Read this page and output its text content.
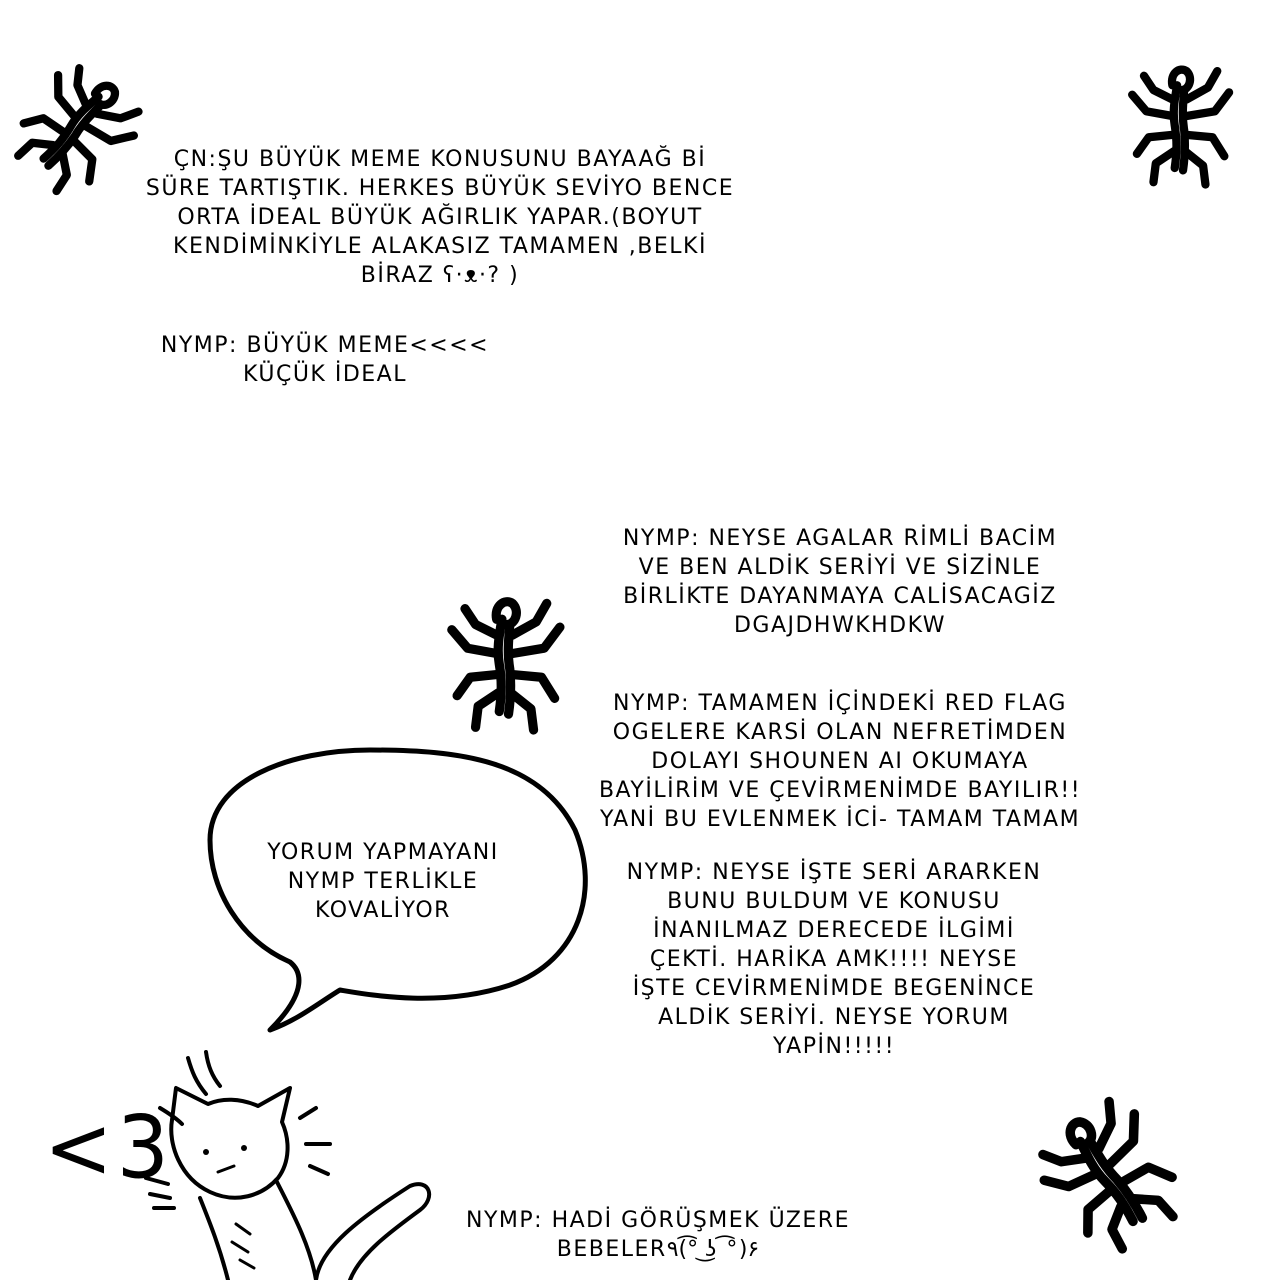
ÇN:ŞU BÜYÜK MEME KONUSUNU BAYAAĞ Bİ
SÜRE TARTIŞTIK. HERKES BÜYÜK SEVİYO BENCE
ORTA İDEAL BÜYÜK AĞIRLIK YAPAR.(BOYUT
KENDİMİNKİYLE ALAKASIZ TAMAMEN ,BELKİ
BİRAZ ʕ·ᴥ·? )
NYMP: BÜYÜK MEME<<<<
KÜÇÜK İDEAL
NYMP: NEYSE AGALAR RİMLİ BACİM
VE BEN ALDİK SERİYİ VE SİZİNLE
BİRLİKTE DAYANMAYA CALİSACAGİZ
DGAJDHWKHDKW
NYMP: TAMAMEN İÇİNDEKİ RED FLAG
OGELERE KARSİ OLAN NEFRETİMDEN
DOLAYI SHOUNEN AI OKUMAYA
BAYİLİRİM VE ÇEVİRMENİMDE BAYILIR!!
YANİ BU EVLENMEK İCİ- TAMAM TAMAM
NYMP: NEYSE İŞTE SERİ ARARKEN
BUNU BULDUM VE KONUSU
İNANILMAZ DERECEDE İLGİMİ
ÇEKTİ. HARİKA AMK!!!! NEYSE
İŞTE CEVİRMENİMDE BEGENİNCE
ALDİK SERİYİ. NEYSE YORUM
YAPİN!!!!!
YORUM YAPMAYANI
NYMP TERLİKLE
KOVALİYOR
<3
NYMP: HADİ GÖRÜŞMEK ÜZERE
BEBELER٩(͡° ͜ʖ ͡°)۶
